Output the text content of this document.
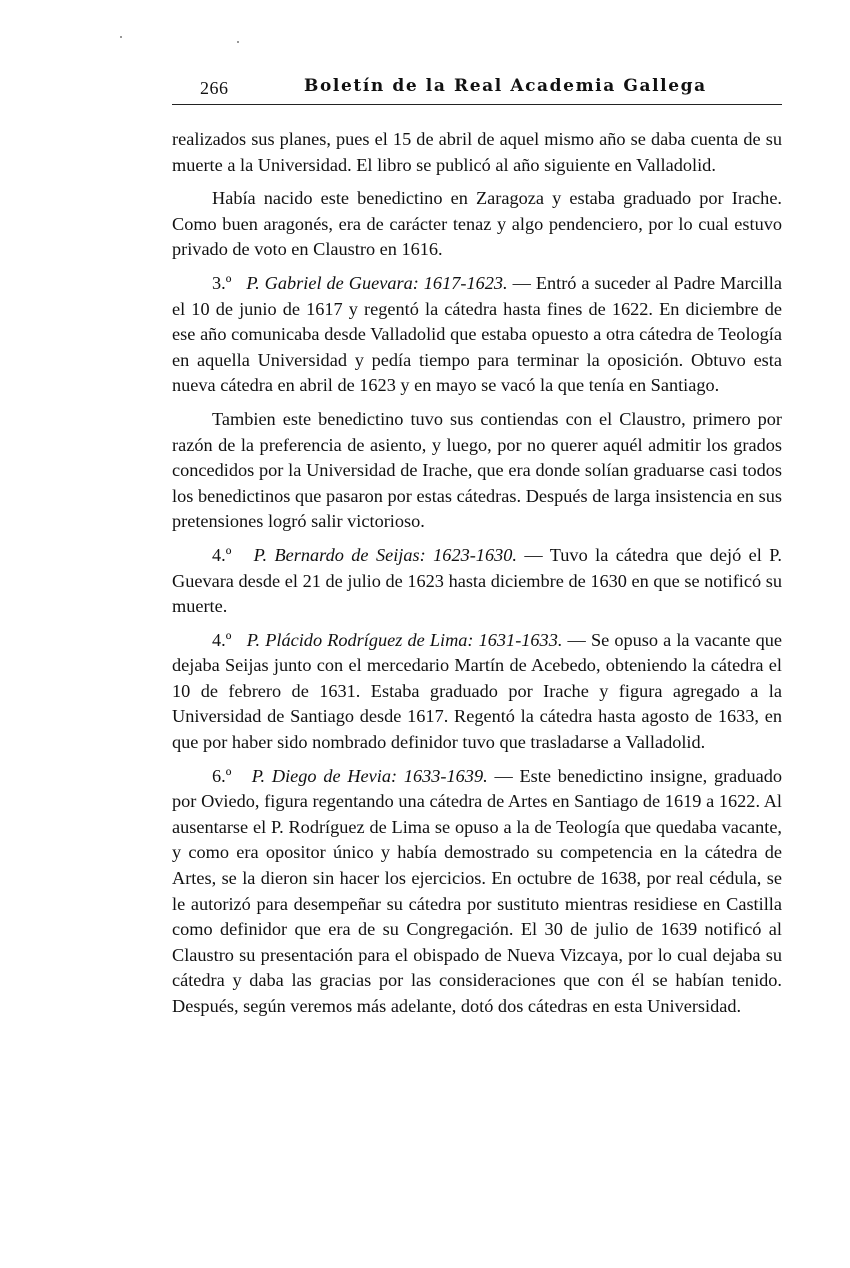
266	Boletín de la Real Academia Gallega

realizados sus planes, pues el 15 de abril de aquel mismo año se daba cuenta de su muerte a la Universidad. El libro se publicó al año siguiente en Valladolid.

Había nacido este benedictino en Zaragoza y estaba graduado por Irache. Como buen aragonés, era de carácter tenaz y algo pendenciero, por lo cual estuvo privado de voto en Claustro en 1616.

3.º P. Gabriel de Guevara: 1617-1623. — Entró a suceder al Padre Marcilla el 10 de junio de 1617 y regentó la cátedra hasta fines de 1622. En diciembre de ese año comunicaba desde Valladolid que estaba opuesto a otra cátedra de Teología en aquella Universidad y pedía tiempo para terminar la oposición. Obtuvo esta nueva cátedra en abril de 1623 y en mayo se vacó la que tenía en Santiago.

Tambien este benedictino tuvo sus contiendas con el Claustro, primero por razón de la preferencia de asiento, y luego, por no querer aquél admitir los grados concedidos por la Universidad de Irache, que era donde solían graduarse casi todos los benedictinos que pasaron por estas cátedras. Después de larga insistencia en sus pretensiones logró salir victorioso.

4.º P. Bernardo de Seijas: 1623-1630. — Tuvo la cátedra que dejó el P. Guevara desde el 21 de julio de 1623 hasta diciembre de 1630 en que se notificó su muerte.

4.º P. Plácido Rodríguez de Lima: 1631-1633. — Se opuso a la vacante que dejaba Seijas junto con el mercedario Martín de Acebedo, obteniendo la cátedra el 10 de febrero de 1631. Estaba graduado por Irache y figura agregado a la Universidad de Santiago desde 1617. Regentó la cátedra hasta agosto de 1633, en que por haber sido nombrado definidor tuvo que trasladarse a Valladolid.

6.º P. Diego de Hevia: 1633-1639. — Este benedictino insigne, graduado por Oviedo, figura regentando una cátedra de Artes en Santiago de 1619 a 1622. Al ausentarse el P. Rodríguez de Lima se opuso a la de Teología que quedaba vacante, y como era opositor único y había demostrado su competencia en la cátedra de Artes, se la dieron sin hacer los ejercicios. En octubre de 1638, por real cédula, se le autorizó para desempeñar su cátedra por sustituto mientras residiese en Castilla como definidor que era de su Congregación. El 30 de julio de 1639 notificó al Claustro su presentación para el obispado de Nueva Vizcaya, por lo cual dejaba su cátedra y daba las gracias por las consideraciones que con él se habían tenido. Después, según veremos más adelante, dotó dos cátedras en esta Universidad.
